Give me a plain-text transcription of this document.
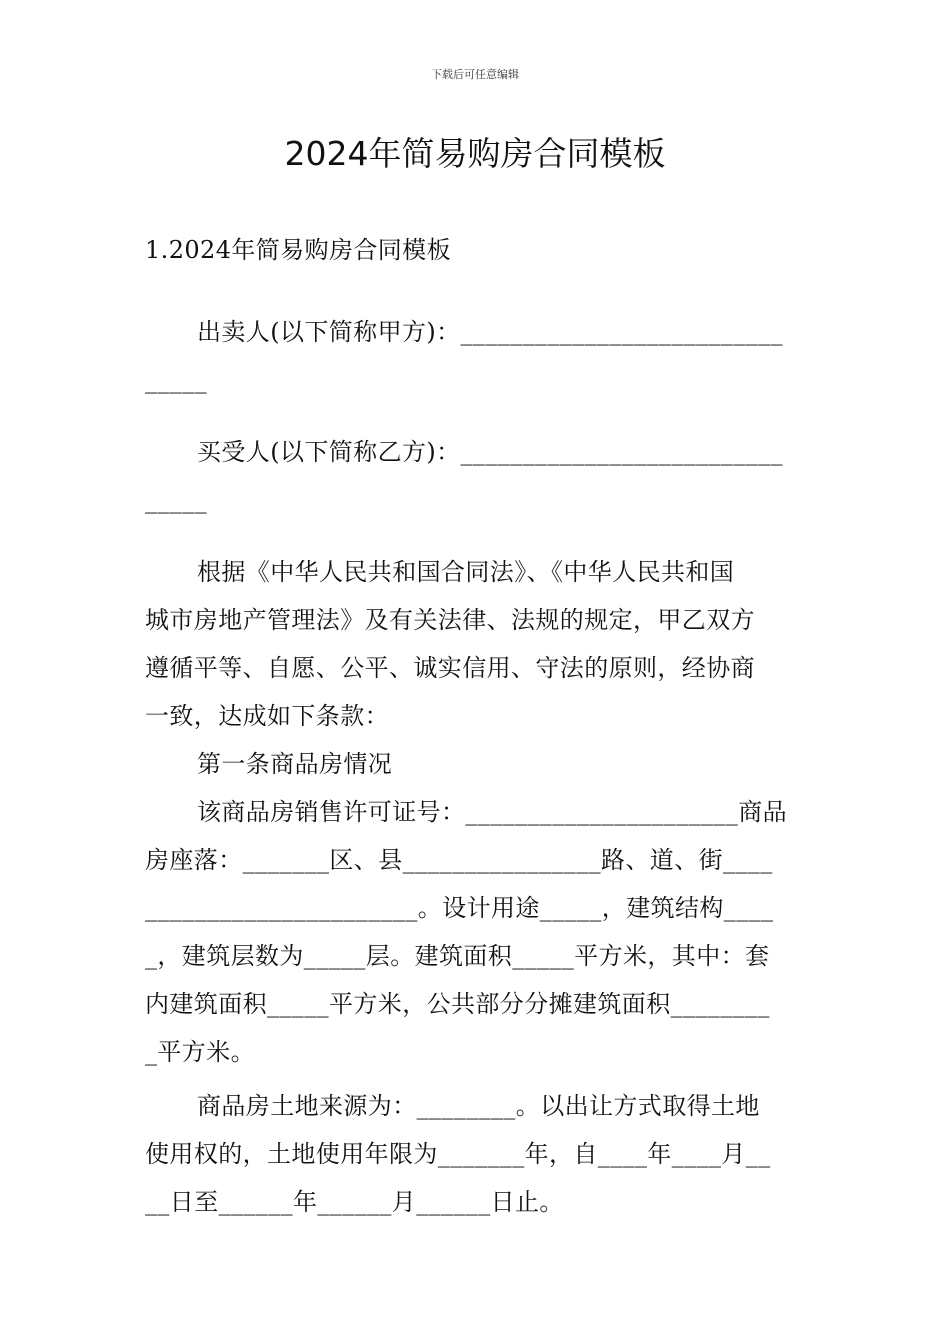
下载后可任意编辑
2024年简易购房合同模板
1.2024年简易购房合同模板
出卖人(以下简称甲方)：__________________________
_____
买受人(以下简称乙方)：__________________________
_____
根据《中华人民共和国合同法》、《中华人民共和国
城市房地产管理法》及有关法律、法规的规定，甲乙双方
遵循平等、自愿、公平、诚实信用、守法的原则，经协商
一致，达成如下条款：
第一条商品房情况
该商品房销售许可证号：______________________商品
房座落：_______区、县________________路、道、街____
______________________。设计用途_____，建筑结构____
_，建筑层数为_____层。建筑面积_____平方米，其中：套
内建筑面积_____平方米，公共部分分摊建筑面积________
_平方米。
商品房土地来源为：________。以出让方式取得土地
使用权的，土地使用年限为_______年，自____年____月__
__日至______年______月______日止。
